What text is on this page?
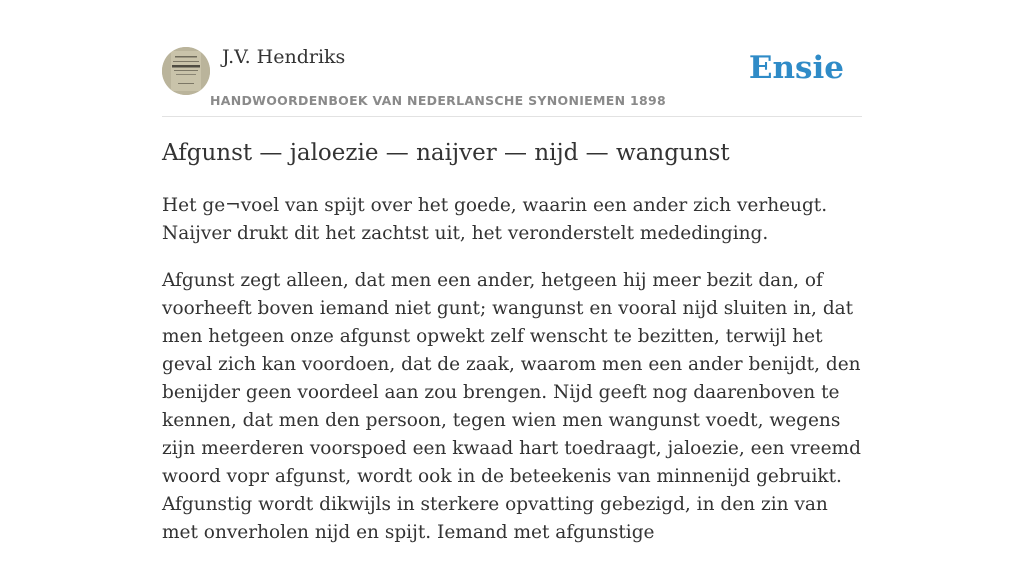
J.V. Hendriks
HANDWOORDENBOEK VAN NEDERLANSCHE SYNONIEMEN 1898
Ensie
Afgunst — jaloezie — naijver — nijd — wangunst

Het ge¬voel van spijt over het goede, waarin een ander zich verheugt. Naijver drukt dit het zachtst uit, het veronderstelt mededinging.

Afgunst zegt alleen, dat men een ander, hetgeen hij meer bezit dan, of voorheeft boven iemand niet gunt; wangunst en vooral nijd sluiten in, dat men hetgeen onze afgunst opwekt zelf wenscht te bezitten, terwijl het geval zich kan voordoen, dat de zaak, waarom men een ander benijdt, den benijder geen voordeel aan zou brengen. Nijd geeft nog daarenboven te kennen, dat men den persoon, tegen wien men wangunst voedt, wegens zijn meerderen voorspoed een kwaad hart toedraagt, jaloezie, een vreemd woord vopr afgunst, wordt ook in de beteekenis van minnenijd gebruikt. Afgunstig wordt dikwijls in sterkere opvatting gebezigd, in den zin van met onverholen nijd en spijt. Iemand met afgunstige
